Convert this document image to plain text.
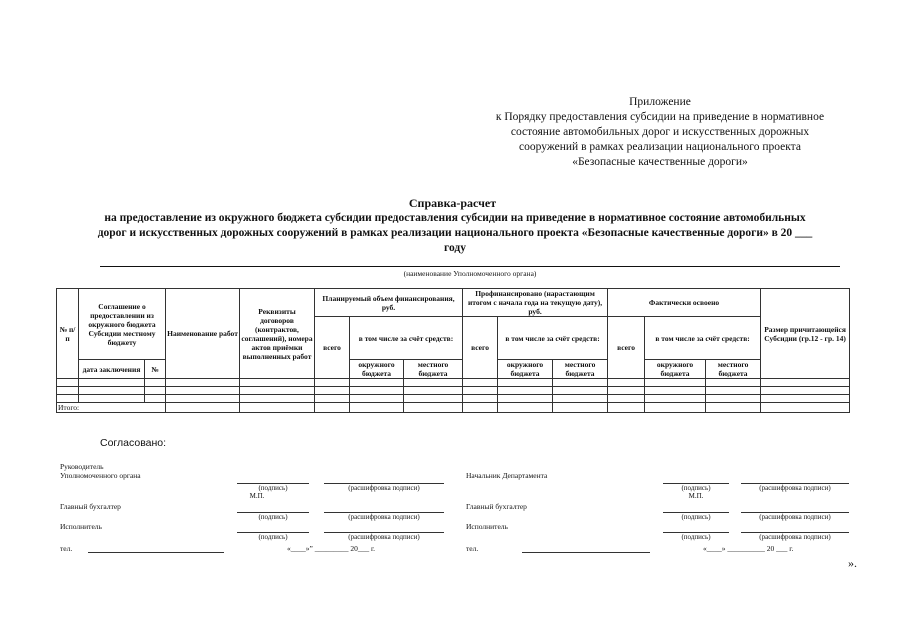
Приложение
к Порядку предоставления субсидии на приведение в нормативное
состояние автомобильных дорог и искусственных дорожных
сооружений в рамках реализации национального проекта
«Безопасные качественные дороги»
Справка-расчет
на предоставление из окружного бюджета субсидии предоставления субсидии на приведение в нормативное состояние автомобильных дорог и искусственных дорожных сооружений в рамках реализации национального проекта «Безопасные качественные дороги» в 20 ___ году
(наименование Уполномоченного органа)
№ п/п	Соглашение о предоставлении из окружного бюджета Субсидии местному бюджету		Наименование работ	Реквизиты договоров (контрактов, соглашений), номера актов приёмки выполненных работ	Планируемый объем финансирования, руб.			Профинансировано (нарастающим итогом с начала года на текущую дату), руб.			Фактически освоено			Размер причитающейся Субсидии (гр.12 - гр. 14)
					всего	в том числе за счёт средств:		всего	в том числе за счёт средств:		всего	в том числе за счёт средств:		
	дата заключения	№				окружного бюджета	местного бюджета		окружного бюджета	местного бюджета		окружного бюджета	местного бюджета	

Итого:														
Согласовано:
Руководитель
Уполномоченного органа
(подпись)	(расшифровка подписи)
М.П.
Главный бухгалтер
(подпись)	(расшифровка подписи)
Исполнитель
(подпись)	(расшифровка подписи)
тел.	«____»” _________ 20___ г.
Начальник Департамента
(подпись)	(расшифровка подписи)
М.П.
Главный бухгалтер
(подпись)	(расшифровка подписи)
Исполнитель
(подпись)	(расшифровка подписи)
тел.	«____» __________ 20 ___ г.
».
